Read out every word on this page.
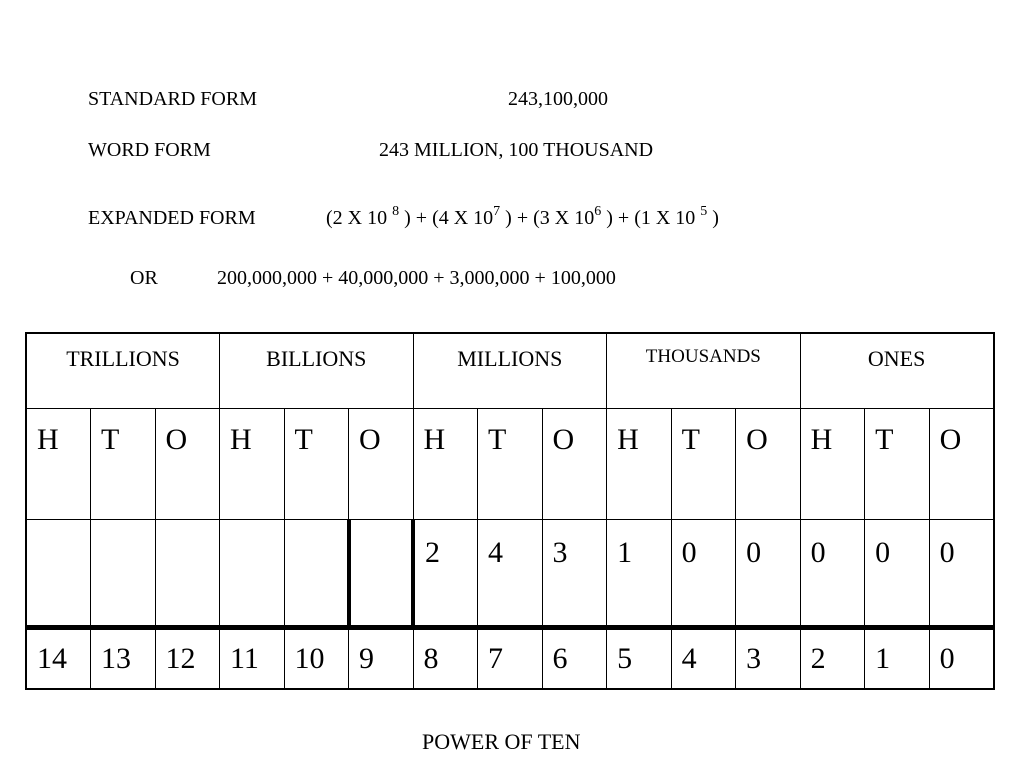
STANDARD FORM	243,100,000
WORD FORM	243 MILLION, 100 THOUSAND
EXPANDED FORM	(2 X 10 $^8$ ) + (4 X $10^7$ ) + (3 X $10^6$ ) + (1 X 10 $^5$ )
OR	200,000,000 + 40,000,000 + 3,000,000 + 100,000
TRILLIONS			BILLIONS			MILLIONS			THOUSANDS			ONES		
H	T	O	H	T	O	H	T	O	H	T	O	H	T	O
						2	4	3	1	0	0	0	0	0
14	13	12	11	10	9	8	7	6	5	4	3	2	1	0
POWER OF TEN
